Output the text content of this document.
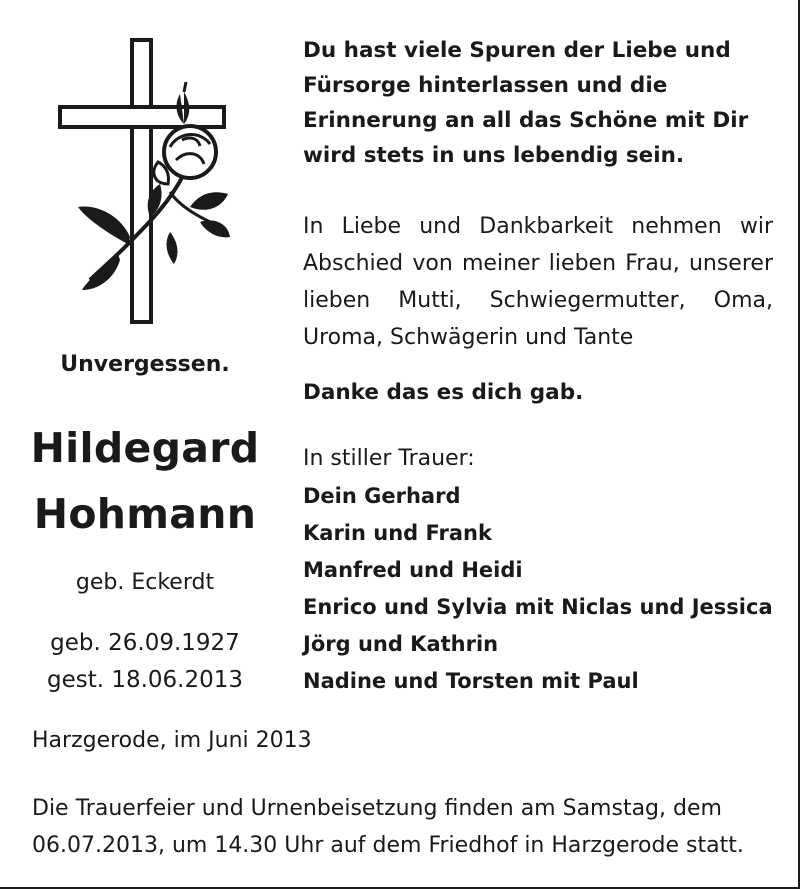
Unvergessen.
Hildegard
Hohmann
geb. Eckerdt
geb. 26.09.1927
gest. 18.06.2013
Du hast viele Spuren der Liebe und
Fürsorge hinterlassen und die
Erinnerung an all das Schöne mit Dir
wird stets in uns lebendig sein.
In Liebe und Dankbarkeit nehmen wir
Abschied von meiner lieben Frau, unserer
lieben Mutti, Schwiegermutter, Oma,
Uroma, Schwägerin und Tante
Danke das es dich gab.
In stiller Trauer:
Dein Gerhard
Karin und Frank
Manfred und Heidi
Enrico und Sylvia mit Niclas und Jessica
Jörg und Kathrin
Nadine und Torsten mit Paul
Harzgerode, im Juni 2013
Die Trauerfeier und Urnenbeisetzung finden am Samstag, dem
06.07.2013, um 14.30 Uhr auf dem Friedhof in Harzgerode statt.
